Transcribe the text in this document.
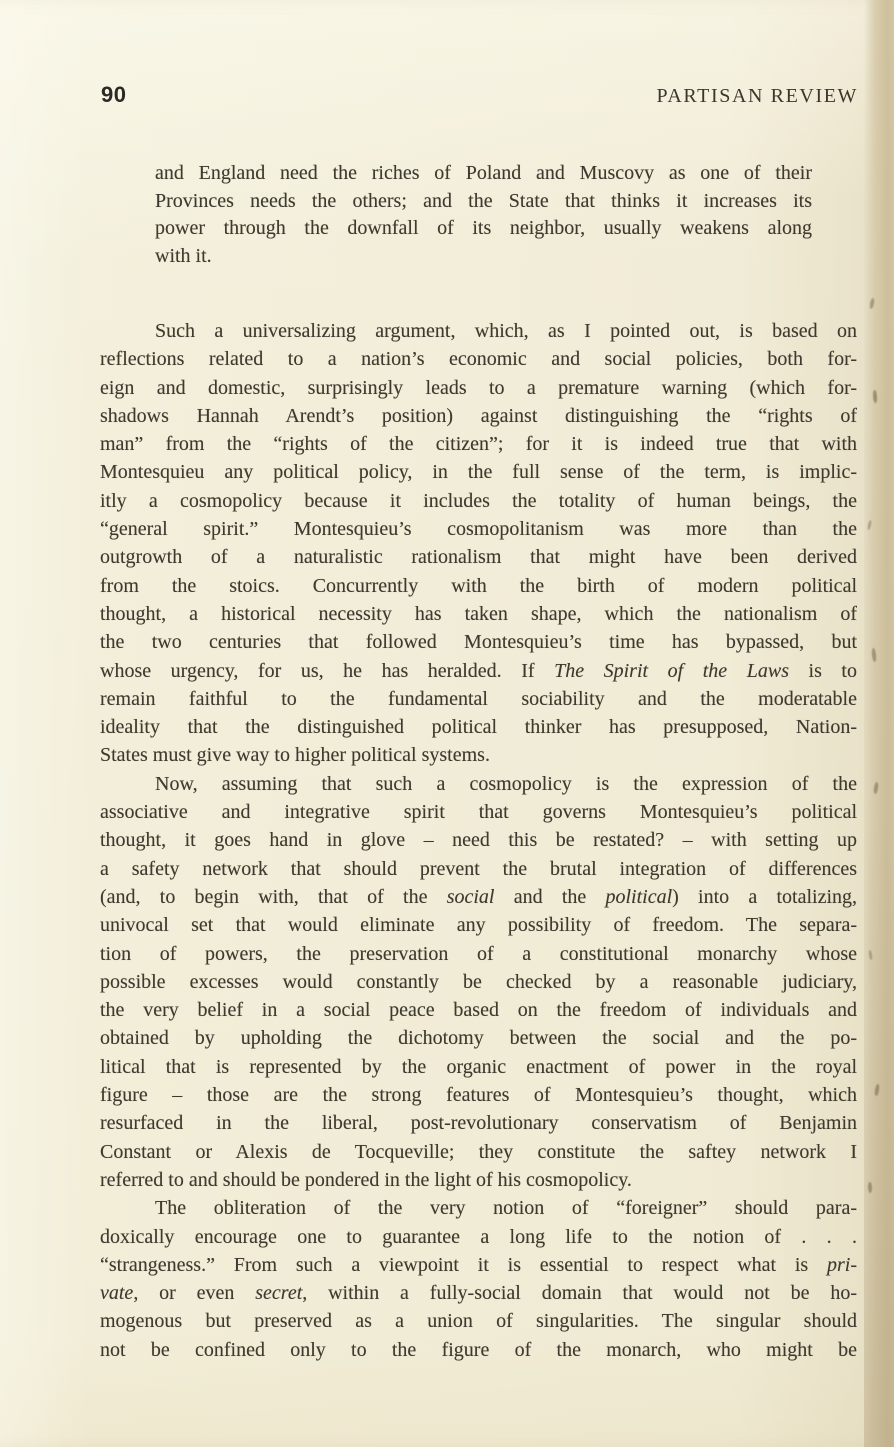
90	PARTISAN REVIEW
and England need the riches of Poland and Muscovy as one of their
Provinces needs the others; and the State that thinks it increases its
power through the downfall of its neighbor, usually weakens along
with it.
Such a universalizing argument, which, as I pointed out, is based on
reflections related to a nation’s economic and social policies, both for-
eign and domestic, surprisingly leads to a premature warning (which for-
shadows Hannah Arendt’s position) against distinguishing the “rights of
man” from the “rights of the citizen”; for it is indeed true that with
Montesquieu any political policy, in the full sense of the term, is implic-
itly a cosmopolicy because it includes the totality of human beings, the
“general spirit.” Montesquieu’s cosmopolitanism was more than the
outgrowth of a naturalistic rationalism that might have been derived
from the stoics. Concurrently with the birth of modern political
thought, a historical necessity has taken shape, which the nationalism of
the two centuries that followed Montesquieu’s time has bypassed, but
whose urgency, for us, he has heralded. If The Spirit of the Laws is to
remain faithful to the fundamental sociability and the moderatable
ideality that the distinguished political thinker has presupposed, Nation-
States must give way to higher political systems.
Now, assuming that such a cosmopolicy is the expression of the
associative and integrative spirit that governs Montesquieu’s political
thought, it goes hand in glove – need this be restated? – with setting up
a safety network that should prevent the brutal integration of differences
(and, to begin with, that of the social and the political) into a totalizing,
univocal set that would eliminate any possibility of freedom. The separa-
tion of powers, the preservation of a constitutional monarchy whose
possible excesses would constantly be checked by a reasonable judiciary,
the very belief in a social peace based on the freedom of individuals and
obtained by upholding the dichotomy between the social and the po-
litical that is represented by the organic enactment of power in the royal
figure – those are the strong features of Montesquieu’s thought, which
resurfaced in the liberal, post-revolutionary conservatism of Benjamin
Constant or Alexis de Tocqueville; they constitute the saftey network I
referred to and should be pondered in the light of his cosmopolicy.
The obliteration of the very notion of “foreigner” should para-
doxically encourage one to guarantee a long life to the notion of . . .
“strangeness.” From such a viewpoint it is essential to respect what is pri-
vate, or even secret, within a fully-social domain that would not be ho-
mogenous but preserved as a union of singularities. The singular should
not be confined only to the figure of the monarch, who might be
